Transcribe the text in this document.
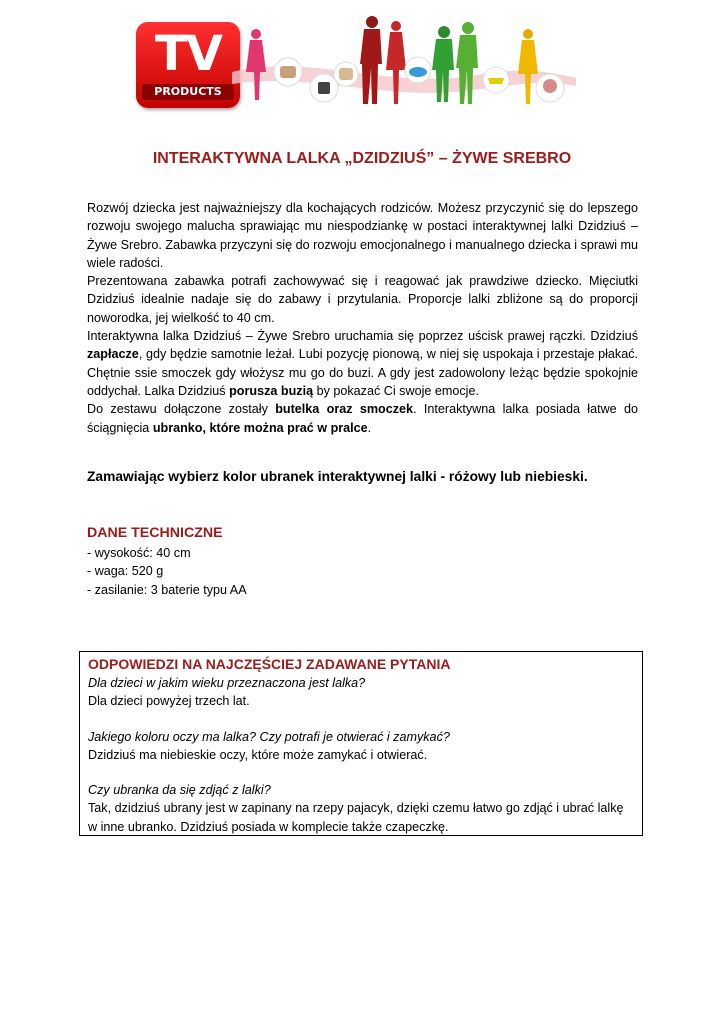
TV
PRODUCTS
INTERAKTYWNA LALKA „DZIDZIUŚ” – ŻYWE SREBRO

Rozwój dziecka jest najważniejszy dla kochających rodziców. Możesz przyczynić się do lepszego rozwoju swojego malucha sprawiając mu niespodziankę w postaci interaktywnej lalki Dzidziuś – Żywe Srebro. Zabawka przyczyni się do rozwoju emocjonalnego i manualnego dziecka i sprawi mu wiele radości.

Prezentowana zabawka potrafi zachowywać się i reagować jak prawdziwe dziecko. Mięciutki Dzidziuś idealnie nadaje się do zabawy i przytulania. Proporcje lalki zbliżone są do proporcji noworodka, jej wielkość to 40 cm.

Interaktywna lalka Dzidziuś – Żywe Srebro uruchamia się poprzez uścisk prawej rączki. Dzidziuś zapłacze, gdy będzie samotnie leżał. Lubi pozycję pionową, w niej się uspokaja i przestaje płakać. Chętnie ssie smoczek gdy włożysz mu go do buzi. A gdy jest zadowolony leżąc będzie spokojnie oddychał. Lalka Dzidziuś porusza buzią by pokazać Ci swoje emocje.

Do zestawu dołączone zostały butelka oraz smoczek. Interaktywna lalka posiada łatwe do ściągnięcia ubranko, które można prać w pralce.

Zamawiając wybierz kolor ubranek interaktywnej lalki - różowy lub niebieski.

DANE TECHNICZNE

- wysokość: 40 cm
- waga: 520 g
- zasilanie: 3 baterie typu AA

ODPOWIEDZI NA NAJCZĘŚCIEJ ZADAWANE PYTANIA

Dla dzieci w jakim wieku przeznaczona jest lalka?
Dla dzieci powyżej trzech lat.
Jakiego koloru oczy ma lalka? Czy potrafi je otwierać i zamykać?
Dzidziuś ma niebieskie oczy, które może zamykać i otwierać.
Czy ubranka da się zdjąć z lalki?
Tak, dzidziuś ubrany jest w zapinany na rzepy pajacyk, dzięki czemu łatwo go zdjąć i ubrać lalkę w inne ubranko. Dzidziuś posiada w komplecie także czapeczkę.
